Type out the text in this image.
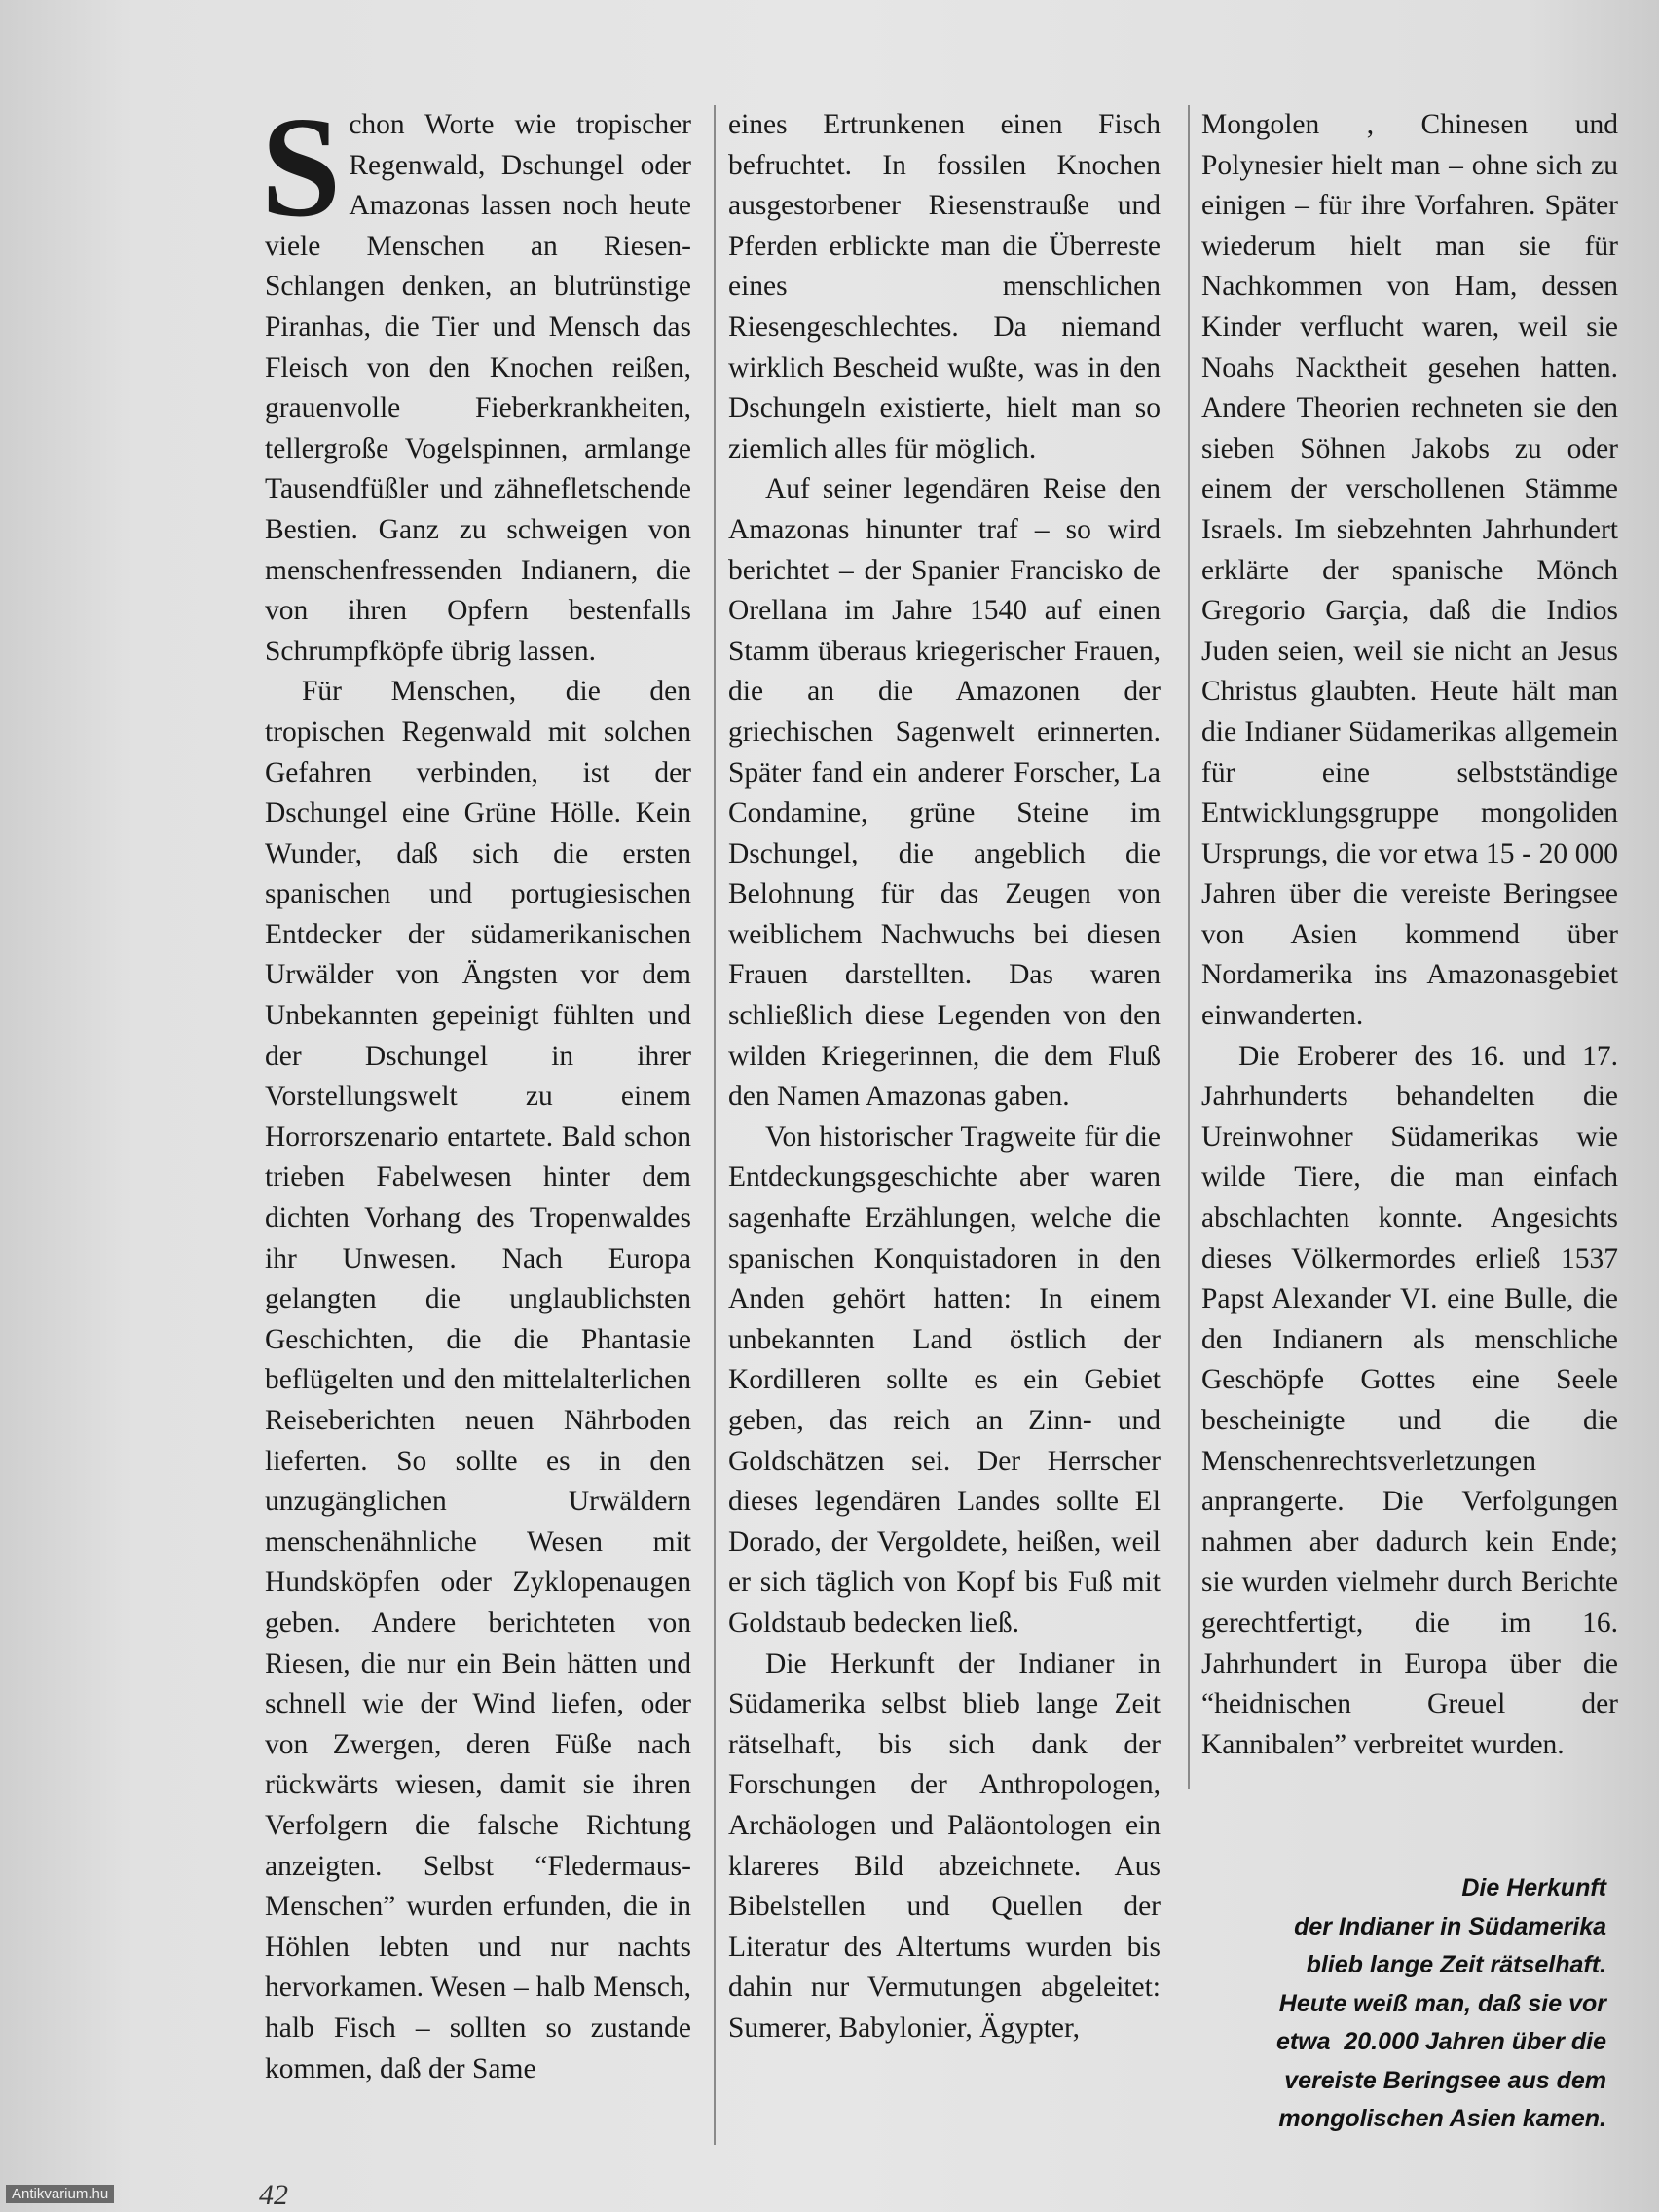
Schon Worte wie tropischer Regenwald, Dschungel oder Amazonas lassen noch heute viele Menschen an Riesen-Schlangen denken, an blutrünstige Piranhas, die Tier und Mensch das Fleisch von den Knochen reißen, grauenvolle Fieberkrankheiten, tellergroße Vogelspinnen, armlange Tausendfüßler und zähnefletschende Bestien. Ganz zu schweigen von menschenfressenden Indianern, die von ihren Opfern bestenfalls Schrumpfköpfe übrig lassen.

Für Menschen, die den tropischen Regenwald mit solchen Gefahren verbinden, ist der Dschungel eine Grüne Hölle. Kein Wunder, daß sich die ersten spanischen und portugiesischen Entdecker der südamerikanischen Urwälder von Ängsten vor dem Unbekannten gepeinigt fühlten und der Dschungel in ihrer Vorstellungswelt zu einem Horrorszenario entartete. Bald schon trieben Fabelwesen hinter dem dichten Vorhang des Tropenwaldes ihr Unwesen. Nach Europa gelangten die unglaublichsten Geschichten, die die Phantasie beflügelten und den mittelalterlichen Reiseberichten neuen Nährboden lieferten. So sollte es in den unzugänglichen Urwäldern menschenähnliche Wesen mit Hundsköpfen oder Zyklopenaugen geben. Andere berichteten von Riesen, die nur ein Bein hätten und schnell wie der Wind liefen, oder von Zwergen, deren Füße nach rückwärts wiesen, damit sie ihren Verfolgern die falsche Richtung anzeigten. Selbst “Fledermaus-Menschen” wurden erfunden, die in Höhlen lebten und nur nachts hervorkamen. Wesen – halb Mensch, halb Fisch – sollten so zustande kommen, daß der Same

eines Ertrunkenen einen Fisch befruchtet. In fossilen Knochen ausgestorbener Riesenstrauße und Pferden erblickte man die Überreste eines menschlichen Riesengeschlechtes. Da niemand wirklich Bescheid wußte, was in den Dschungeln existierte, hielt man so ziemlich alles für möglich.

Auf seiner legendären Reise den Amazonas hinunter traf – so wird berichtet – der Spanier Francisko de Orellana im Jahre 1540 auf einen Stamm überaus kriegerischer Frauen, die an die Amazonen der griechischen Sagenwelt erinnerten. Später fand ein anderer Forscher, La Condamine, grüne Steine im Dschungel, die angeblich die Belohnung für das Zeugen von weiblichem Nachwuchs bei diesen Frauen darstellten. Das waren schließlich diese Legenden von den wilden Kriegerinnen, die dem Fluß den Namen Amazonas gaben.

Von historischer Tragweite für die Entdeckungsgeschichte aber waren sagenhafte Erzählungen, welche die spanischen Konquistadoren in den Anden gehört hatten: In einem unbekannten Land östlich der Kordilleren sollte es ein Gebiet geben, das reich an Zinn- und Goldschätzen sei. Der Herrscher dieses legendären Landes sollte El Dorado, der Vergoldete, heißen, weil er sich täglich von Kopf bis Fuß mit Goldstaub bedecken ließ.

Die Herkunft der Indianer in Südamerika selbst blieb lange Zeit rätselhaft, bis sich dank der Forschungen der Anthropologen, Archäologen und Paläontologen ein klareres Bild abzeichnete. Aus Bibelstellen und Quellen der Literatur des Altertums wurden bis dahin nur Vermutungen abgeleitet: Sumerer, Babylonier, Ägypter,

Mongolen , Chinesen und Polynesier hielt man – ohne sich zu einigen – für ihre Vorfahren. Später wiederum hielt man sie für Nachkommen von Ham, dessen Kinder verflucht waren, weil sie Noahs Nacktheit gesehen hatten. Andere Theorien rechneten sie den sieben Söhnen Jakobs zu oder einem der verschollenen Stämme Israels. Im siebzehnten Jahrhundert erklärte der spanische Mönch Gregorio Garçia, daß die Indios Juden seien, weil sie nicht an Jesus Christus glaubten. Heute hält man die Indianer Südamerikas allgemein für eine selbstständige Entwicklungsgruppe mongoliden Ursprungs, die vor etwa 15 - 20 000 Jahren über die vereiste Beringsee von Asien kommend über Nordamerika ins Amazonasgebiet einwanderten.

Die Eroberer des 16. und 17. Jahrhunderts behandelten die Ureinwohner Südamerikas wie wilde Tiere, die man einfach abschlachten konnte. Angesichts dieses Völkermordes erließ 1537 Papst Alexander VI. eine Bulle, die den Indianern als menschliche Geschöpfe Gottes eine Seele bescheinigte und die die Menschenrechtsverletzungen anprangerte. Die Verfolgungen nahmen aber dadurch kein Ende; sie wurden vielmehr durch Berichte gerechtfertigt, die im 16. Jahrhundert in Europa über die “heidnischen Greuel der Kannibalen” verbreitet wurden.

Die Herkunft
der Indianer in Südamerika
blieb lange Zeit rätselhaft.
Heute weiß man, daß sie vor
etwa  20.000 Jahren über die
vereiste Beringsee aus dem
mongolischen Asien kamen.
42
Antikvarium.hu
